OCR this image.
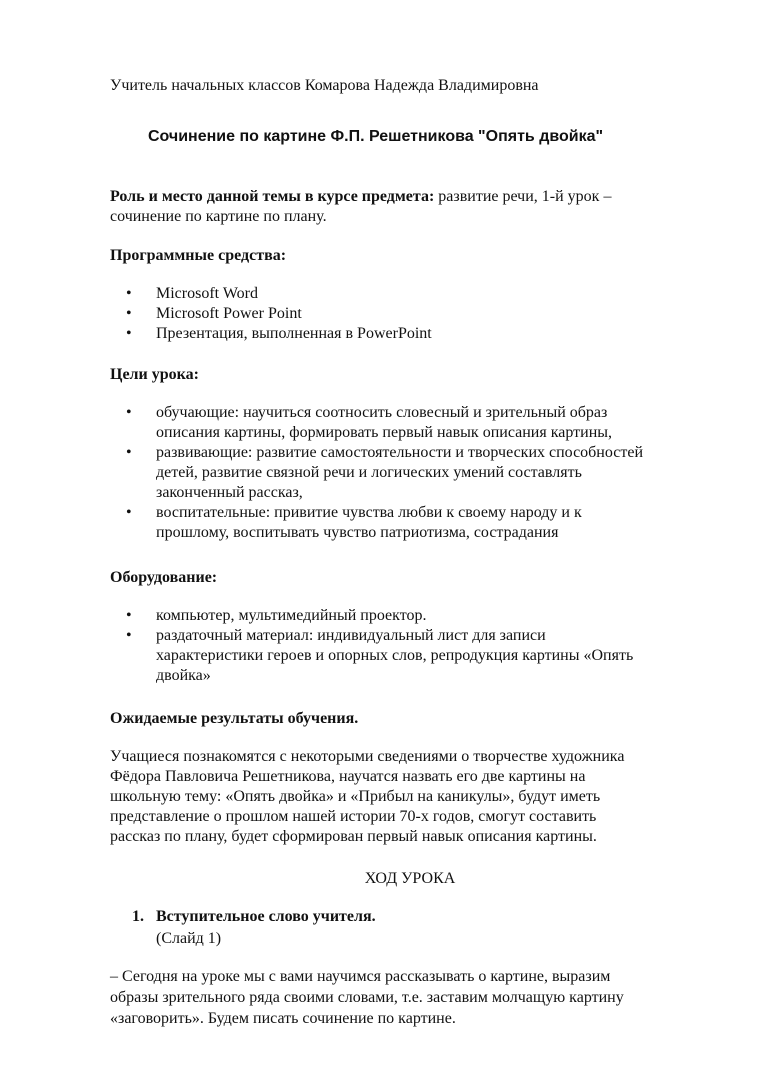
Учитель начальных классов Комарова Надежда Владимировна
Сочинение по картине Ф.П. Решетникова "Опять двойка"
Роль и место данной темы в курсе предмета: развитие речи, 1-й урок –
сочинение по картине по плану.
Программные средства:
• Microsoft Word
• Microsoft Power Point
• Презентация, выполненная в PowerPoint
Цели урока:
• обучающие: научиться соотносить словесный и зрительный образ
описания картины, формировать первый навык описания картины,
• развивающие: развитие самостоятельности и творческих способностей
детей, развитие связной речи и логических умений составлять
законченный рассказ,
• воспитательные: привитие чувства любви к своему народу и к
прошлому, воспитывать чувство патриотизма, сострадания
Оборудование:
• компьютер, мультимедийный проектор.
• раздаточный материал: индивидуальный лист для записи
характеристики героев и опорных слов, репродукция картины «Опять
двойка»
Ожидаемые результаты обучения.
Учащиеся познакомятся с некоторыми сведениями о творчестве художника
Фёдора Павловича Решетникова, научатся назвать его две картины на
школьную тему: «Опять двойка» и «Прибыл на каникулы», будут иметь
представление о прошлом нашей истории 70-х годов, смогут составить
рассказ по плану, будет сформирован первый навык описания картины.
ХОД УРОКА
1. Вступительное слово учителя.
(Слайд 1)
– Сегодня на уроке мы с вами научимся рассказывать о картине, выразим
образы зрительного ряда своими словами, т.е. заставим молчащую картину
«заговорить». Будем писать сочинение по картине.
